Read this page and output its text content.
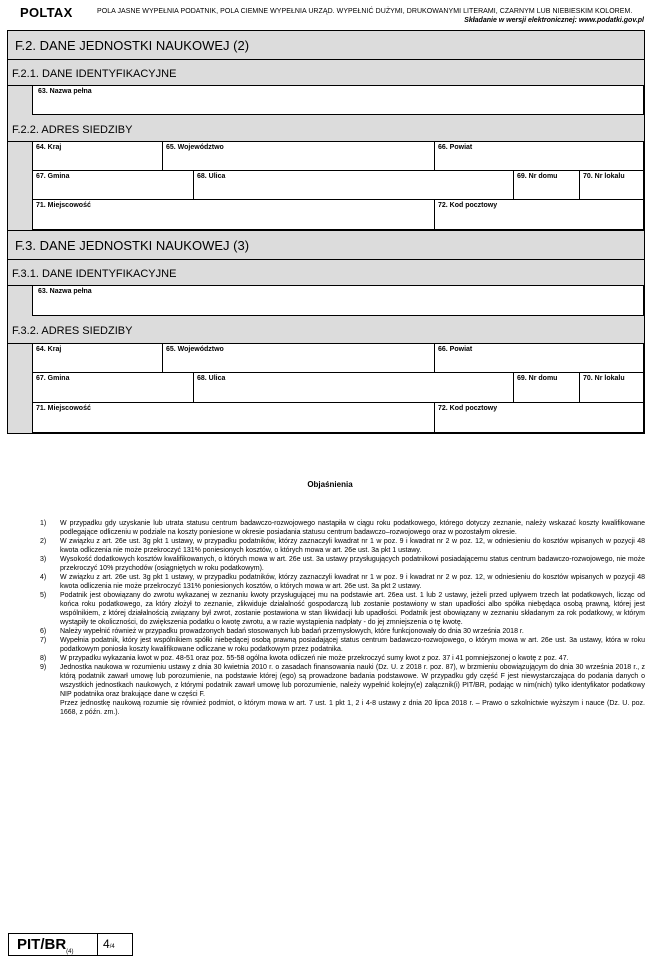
POLTAX	POLA JASNE WYPEŁNIA PODATNIK, POLA CIEMNE WYPEŁNIA URZĄD. WYPEŁNIĆ DUŻYMI, DRUKOWANYMI LITERAMI, CZARNYM LUB NIEBIESKIM KOLOREM.
Składanie w wersji elektronicznej: www.podatki.gov.pl
F.2. DANE JEDNOSTKI NAUKOWEJ (2)
F.2.1. DANE IDENTYFIKACYJNE
63. Nazwa pełna
F.2.2. ADRES SIEDZIBY
64. Kraj	65. Województwo	66. Powiat
67. Gmina	68. Ulica	69. Nr domu	70. Nr lokalu
71. Miejscowość	72. Kod pocztowy
F.3. DANE JEDNOSTKI NAUKOWEJ (3)
F.3.1. DANE IDENTYFIKACYJNE
63. Nazwa pełna
F.3.2. ADRES SIEDZIBY
64. Kraj	65. Województwo	66. Powiat
67. Gmina	68. Ulica	69. Nr domu	70. Nr lokalu
71. Miejscowość	72. Kod pocztowy
Objaśnienia
1) W przypadku gdy uzyskanie lub utrata statusu centrum badawczo-rozwojowego nastąpiła w ciągu roku podatkowego, którego dotyczy zeznanie, należy wskazać koszty kwalifikowane podlegające odliczeniu w podziale na koszty poniesione w okresie posiadania statusu centrum badawczo–rozwojowego oraz w pozostałym okresie.
2) W związku z art. 26e ust. 3g pkt 1 ustawy, w przypadku podatników, którzy zaznaczyli kwadrat nr 1 w poz. 9 i kwadrat nr 2 w poz. 12, w odniesieniu do kosztów wpisanych w pozycji 48 kwota odliczenia nie może przekroczyć 131% poniesionych kosztów, o których mowa w art. 26e ust. 3a pkt 1 ustawy.
3) Wysokość dodatkowych kosztów kwalifikowanych, o których mowa w art. 26e ust. 3a ustawy przysługujących podatnikowi posiadającemu status centrum badawczo-rozwojowego, nie może przekroczyć 10% przychodów (osiągniętych w roku podatkowym).
4) W związku z art. 26e ust. 3g pkt 1 ustawy, w przypadku podatników, którzy zaznaczyli kwadrat nr 1 w poz. 9 i kwadrat nr 2 w poz. 12, w odniesieniu do kosztów wpisanych w pozycji 48 kwota odliczenia nie może przekroczyć 131% poniesionych kosztów, o których mowa w art. 26e ust. 3a pkt 2 ustawy.
5) Podatnik jest obowiązany do zwrotu wykazanej w zeznaniu kwoty przysługującej mu na podstawie art. 26ea ust. 1 lub 2 ustawy, jeżeli przed upływem trzech lat podatkowych, licząc od końca roku podatkowego, za który złożył to zeznanie, zlikwiduje działalność gospodarczą lub zostanie postawiony w stan upadłości albo spółka niebędąca osobą prawną, której jest wspólnikiem, z której działalnością związany był zwrot, zostanie postawiona w stan likwidacji lub upadłości. Podatnik jest obowiązany w zeznaniu składanym za rok podatkowy, w którym wystąpiły te okoliczności, do zwiększenia podatku o kwotę zwrotu, a w razie wystąpienia nadpłaty - do jej zmniejszenia o tę kwotę.
6) Należy wypełnić również w przypadku prowadzonych badań stosowanych lub badań przemysłowych, które funkcjonowały do dnia 30 września 2018 r.
7) Wypełnia podatnik, który jest wspólnikiem spółki niebędącej osobą prawną posiadającej status centrum badawczo-rozwojowego, o którym mowa w art. 26e ust. 3a ustawy, która w roku podatkowym poniosła koszty kwalifikowane odliczane w roku podatkowym przez podatnika.
8) W przypadku wykazania kwot w poz. 48-51 oraz poz. 55-58 ogólna kwota odliczeń nie może przekroczyć sumy kwot z poz. 37 i 41 pomniejszonej o kwotę z poz. 47.
9) Jednostka naukowa w rozumieniu ustawy z dnia 30 kwietnia 2010 r. o zasadach finansowania nauki (Dz. U. z 2018 r. poz. 87), w brzmieniu obowiązującym do dnia 30 września 2018 r., z którą podatnik zawarł umowę lub porozumienie, na podstawie której (ego) są prowadzone badania podstawowe. W przypadku gdy część F jest niewystarczająca do podania danych o wszystkich jednostkach naukowych, z którymi podatnik zawarł umowę lub porozumienie, należy wypełnić kolejny(e) załącznik(i) PIT/BR, podając w nim(nich) tylko identyfikator podatkowy NIP podatnika oraz brakujące dane w części F.
Przez jednostkę naukową rozumie się również podmiot, o którym mowa w art. 7 ust. 1 pkt 1, 2 i 4-8 ustawy z dnia 20 lipca 2018 r. – Prawo o szkolnictwie wyższym i nauce (Dz. U. poz. 1668, z późn. zm.).
PIT/$BR_{(4)}$
4/4
